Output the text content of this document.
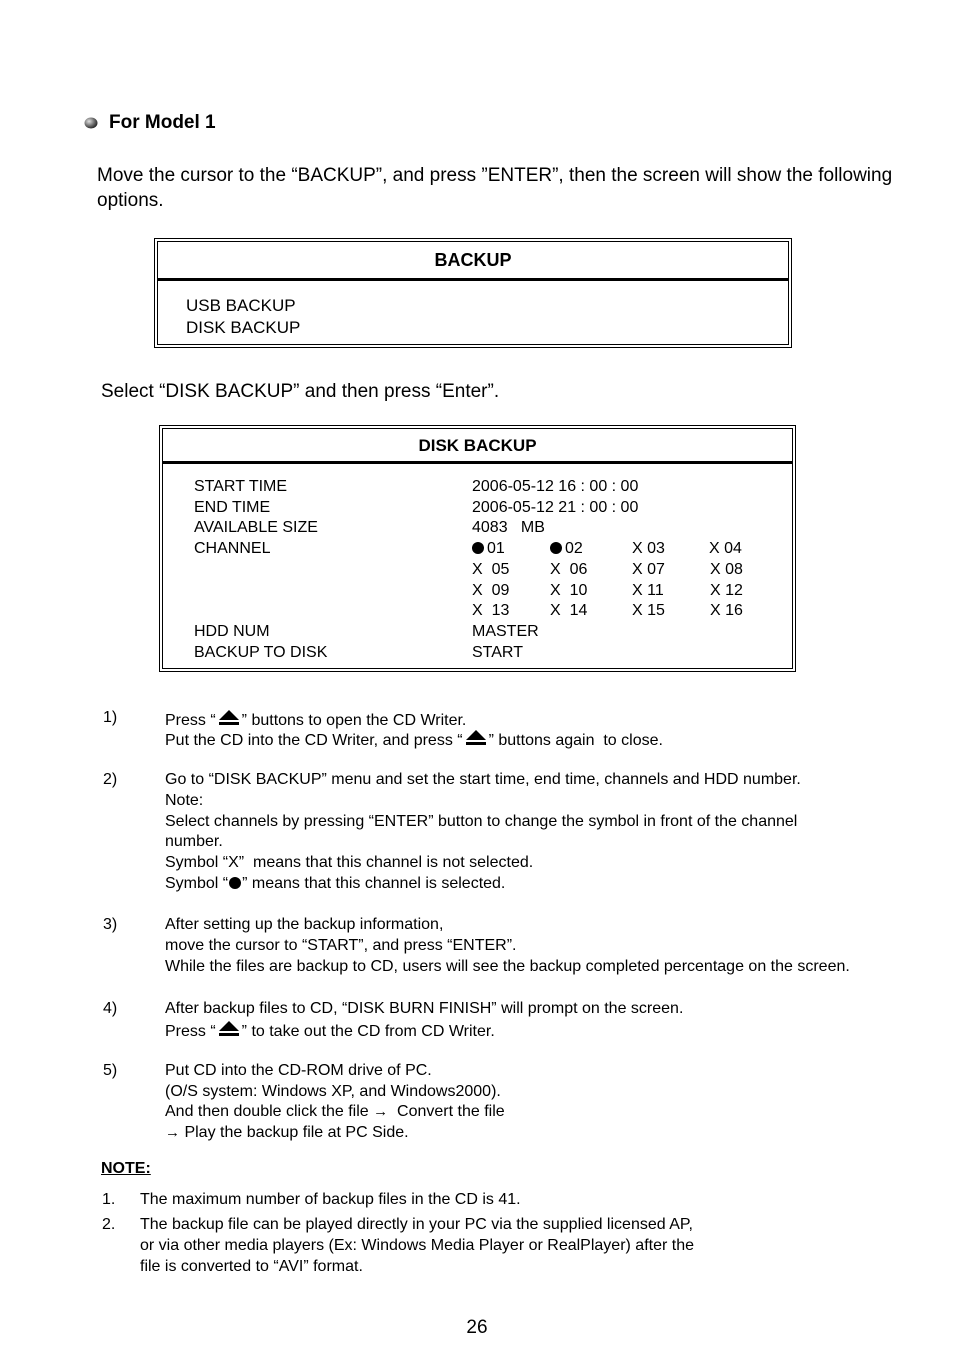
For Model 1
Move the cursor to the “BACKUP”, and press ”ENTER”, then the screen will show the following options.
BACKUP
USB BACKUP
DISK BACKUP
Select “DISK BACKUP” and then press “Enter”.
DISK BACKUP
START TIME	2006-05-12 16 : 00 : 00
END TIME	2006-05-12 21 : 00 : 00
AVAILABLE SIZE	4083   MB
CHANNEL	01	02	X 03	X 04
X  05	X  06	X 07	X 08
X  09	X  10	X 11	X 12
X  13	X  14	X 15	X 16
HDD NUM	MASTER
BACKUP TO DISK	START
1)	Press “ ” buttons to open the CD Writer.
Put the CD into the CD Writer, and press “ ” buttons again  to close.
2)	Go to “DISK BACKUP” menu and set the start time, end time, channels and HDD number.
Note:
Select channels by pressing “ENTER” button to change the symbol in front of the channel
number.
Symbol “X”  means that this channel is not selected.
Symbol “ ” means that this channel is selected.
3)	After setting up the backup information,
move the cursor to “START”, and press “ENTER”.
While the files are backup to CD, users will see the backup completed percentage on the screen.
4)	After backup files to CD, “DISK BURN FINISH” will prompt on the screen.
Press “ ” to take out the CD from CD Writer.
5)	Put CD into the CD-ROM drive of PC.
(O/S system: Windows XP, and Windows2000).
And then double click the file →  Convert the file
→ Play the backup file at PC Side.
NOTE:
1. The maximum number of backup files in the CD is 41.
2. The backup file can be played directly in your PC via the supplied licensed AP,
or via other media players (Ex: Windows Media Player or RealPlayer) after the
file is converted to “AVI” format.
26
